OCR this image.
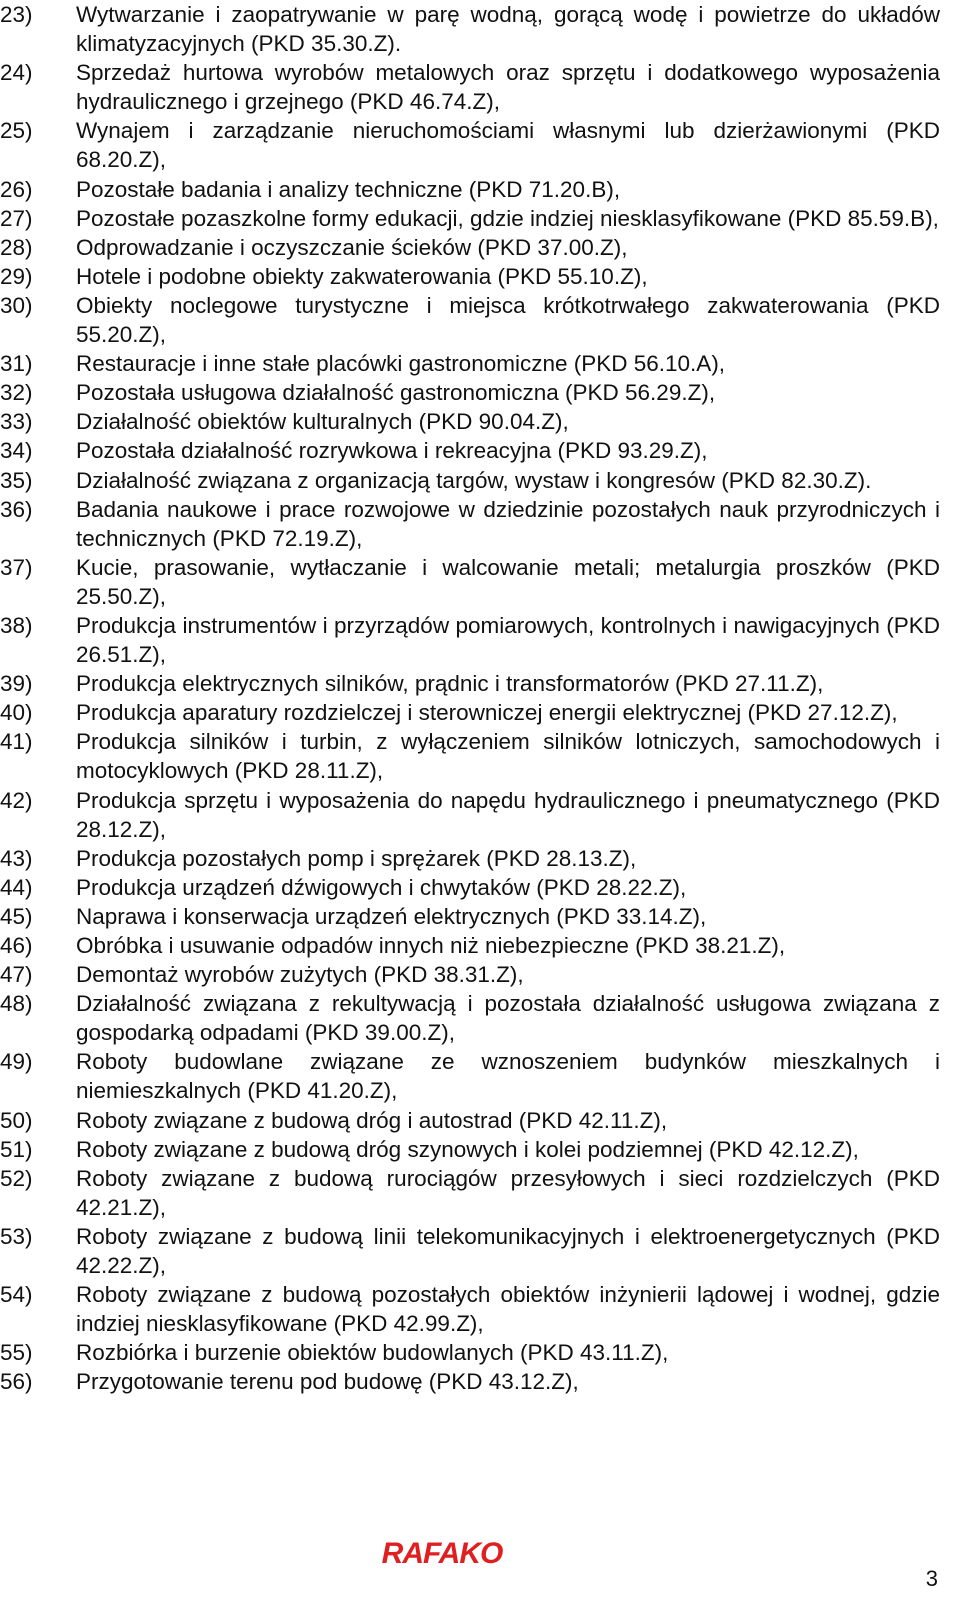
23)	Wytwarzanie i zaopatrywanie w parę wodną, gorącą wodę i powietrze do układów klimatyzacyjnych (PKD 35.30.Z).
24)	Sprzedaż hurtowa wyrobów metalowych oraz sprzętu i dodatkowego wyposażenia hydraulicznego i grzejnego (PKD 46.74.Z),
25)	Wynajem i zarządzanie nieruchomościami własnymi lub dzierżawionymi (PKD 68.20.Z),
26)	Pozostałe badania i analizy techniczne (PKD 71.20.B),
27)	Pozostałe pozaszkolne formy edukacji, gdzie indziej niesklasyfikowane (PKD 85.59.B),
28)	Odprowadzanie i oczyszczanie ścieków (PKD 37.00.Z),
29)	Hotele i podobne obiekty zakwaterowania (PKD 55.10.Z),
30)	Obiekty noclegowe turystyczne i miejsca krótkotrwałego zakwaterowania (PKD 55.20.Z),
31)	Restauracje i inne stałe placówki gastronomiczne (PKD 56.10.A),
32)	Pozostała usługowa działalność gastronomiczna (PKD 56.29.Z),
33)	Działalność obiektów kulturalnych (PKD 90.04.Z),
34)	Pozostała działalność rozrywkowa i rekreacyjna (PKD 93.29.Z),
35)	Działalność związana z organizacją targów, wystaw i kongresów (PKD 82.30.Z).
36)	Badania naukowe i prace rozwojowe w dziedzinie pozostałych nauk przyrodniczych i technicznych (PKD 72.19.Z),
37)	Kucie, prasowanie, wytłaczanie i walcowanie metali; metalurgia proszków (PKD 25.50.Z),
38)	Produkcja instrumentów i przyrządów pomiarowych, kontrolnych i nawigacyjnych (PKD 26.51.Z),
39)	Produkcja elektrycznych silników, prądnic i transformatorów (PKD 27.11.Z),
40)	Produkcja aparatury rozdzielczej i sterowniczej energii elektrycznej (PKD 27.12.Z),
41)	Produkcja silników i turbin, z wyłączeniem silników lotniczych, samochodowych i motocyklowych (PKD 28.11.Z),
42)	Produkcja sprzętu i wyposażenia do napędu hydraulicznego i pneumatycznego (PKD 28.12.Z),
43)	Produkcja pozostałych pomp i sprężarek (PKD 28.13.Z),
44)	Produkcja urządzeń dźwigowych i chwytaków (PKD 28.22.Z),
45)	Naprawa i konserwacja urządzeń elektrycznych (PKD 33.14.Z),
46)	Obróbka i usuwanie odpadów innych niż niebezpieczne (PKD 38.21.Z),
47)	Demontaż wyrobów zużytych (PKD 38.31.Z),
48)	Działalność związana z rekultywacją i pozostała działalność usługowa związana z gospodarką odpadami (PKD 39.00.Z),
49)	Roboty budowlane związane ze wznoszeniem budynków mieszkalnych i niemieszkalnych (PKD 41.20.Z),
50)	Roboty związane z budową dróg i autostrad (PKD 42.11.Z),
51)	Roboty związane z budową dróg szynowych i kolei podziemnej (PKD 42.12.Z),
52)	Roboty związane z budową rurociągów przesyłowych i sieci rozdzielczych (PKD 42.21.Z),
53)	Roboty związane z budową linii telekomunikacyjnych i elektroenergetycznych (PKD 42.22.Z),
54)	Roboty związane z budową pozostałych obiektów inżynierii lądowej i wodnej, gdzie indziej niesklasyfikowane (PKD 42.99.Z),
55)	Rozbiórka i burzenie obiektów budowlanych (PKD 43.11.Z),
56)	Przygotowanie terenu pod budowę (PKD 43.12.Z),
RAFAKO
3
